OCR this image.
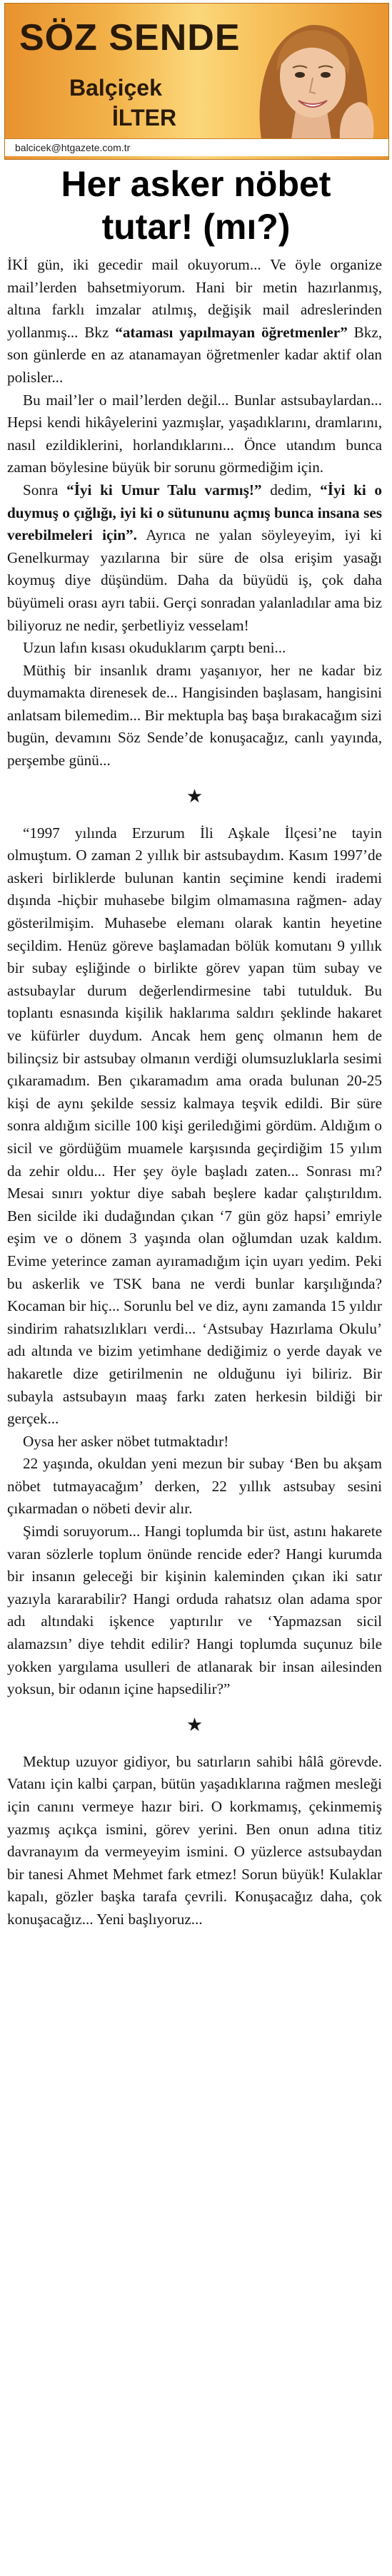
SÖZ SENDE
Balçiçek
İLTER
balcicek@htgazete.com.tr
Her asker nöbet
tutar! (mı?)

İKİ gün, iki gecedir mail okuyorum... Ve öyle organize mail’lerden bahsetmiyorum. Hani bir metin hazırlanmış, altına farklı imzalar atılmış, değişik mail adreslerinden yollanmış... Bkz “ataması yapılmayan öğretmenler” Bkz, son günlerde en az atanamayan öğretmenler kadar aktif olan polisler...

Bu mail’ler o mail’lerden değil... Bunlar astsubaylardan... Hepsi kendi hikâyelerini yazmışlar, yaşadıklarını, dramlarını, nasıl ezildiklerini, horlandıklarını... Önce utandım bunca zaman böylesine büyük bir sorunu görmediğim için.

Sonra “İyi ki Umur Talu varmış!” dedim, “İyi ki o duymuş o çığlığı, iyi ki o sütununu açmış bunca insana ses verebilmeleri için”. Ayrıca ne yalan söyleyeyim, iyi ki Genelkurmay yazılarına bir süre de olsa erişim yasağı koymuş diye düşündüm. Daha da büyüdü iş, çok daha büyümeli orası ayrı tabii. Gerçi sonradan yalanladılar ama biz biliyoruz ne nedir, şerbetliyiz vesselam!

Uzun lafın kısası okuduklarım çarptı beni...

Müthiş bir insanlık dramı yaşanıyor, her ne kadar biz duymamakta direnesek de... Hangisinden başlasam, hangisini anlatsam bilemedim... Bir mektupla baş başa bırakacağım sizi bugün, devamını Söz Sende’de konuşacağız, canlı yayında, perşembe günü...

★

“1997 yılında Erzurum İli Aşkale İlçesi’ne tayin olmuştum. O zaman 2 yıllık bir astsubaydım. Kasım 1997’de askeri birliklerde bulunan kantin seçimine kendi irademi dışında -hiçbir muhasebe bilgim olmamasına rağmen- aday gösterilmişim. Muhasebe elemanı olarak kantin heyetine seçildim. Henüz göreve başlamadan bölük komutanı 9 yıllık bir subay eşliğinde o birlikte görev yapan tüm subay ve astsubaylar durum değerlendirmesine tabi tutulduk. Bu toplantı esnasında kişilik haklarıma saldırı şeklinde hakaret ve küfürler duydum. Ancak hem genç olmanın hem de bilinçsiz bir astsubay olmanın verdiği olumsuzluklarla sesimi çıkaramadım. Ben çıkaramadım ama orada bulunan 20-25 kişi de aynı şekilde sessiz kalmaya teşvik edildi. Bir süre sonra aldığım sicille 100 kişi geriledığimi gördüm. Aldığım o sicil ve gördüğüm muamele karşısında geçirdiğim 15 yılım da zehir oldu... Her şey öyle başladı zaten... Sonrası mı? Mesai sınırı yoktur diye sabah beşlere kadar çalıştırıldım. Ben sicilde iki dudağından çıkan ‘7 gün göz hapsi’ emriyle eşim ve o dönem 3 yaşında olan oğlumdan uzak kaldım. Evime yeterince zaman ayıramadığım için uyarı yedim. Peki bu askerlik ve TSK bana ne verdi bunlar karşılığında? Kocaman bir hiç... Sorunlu bel ve diz, aynı zamanda 15 yıldır sindirim rahatsızlıkları verdi... ‘Astsubay Hazırlama Okulu’ adı altında ve bizim yetimhane dediğimiz o yerde dayak ve hakaretle dize getirilmenin ne olduğunu iyi biliriz. Bir subayla astsubayın maaş farkı zaten herkesin bildiği bir gerçek...

Oysa her asker nöbet tutmaktadır!

22 yaşında, okuldan yeni mezun bir subay ‘Ben bu akşam nöbet tutmayacağım’ derken, 22 yıllık astsubay sesini çıkarmadan o nöbeti devir alır.

Şimdi soruyorum... Hangi toplumda bir üst, astını hakarete varan sözlerle toplum önünde rencide eder? Hangi kurumda bir insanın geleceği bir kişinin kaleminden çıkan iki satır yazıyla kararabilir? Hangi orduda rahatsız olan adama spor adı altındaki işkence yaptırılır ve ‘Yapmazsan sicil alamazsın’ diye tehdit edilir? Hangi toplumda suçunuz bile yokken yargılama usulleri de atlanarak bir insan ailesinden yoksun, bir odanın içine hapsedilir?”

★

Mektup uzuyor gidiyor, bu satırların sahibi hâlâ görevde. Vatanı için kalbi çarpan, bütün yaşadıklarına rağmen mesleği için canını vermeye hazır biri. O korkmamış, çekinmemiş yazmış açıkça ismini, görev yerini. Ben onun adına titiz davranayım da vermeyeyim ismini. O yüzlerce astsubaydan bir tanesi Ahmet Mehmet fark etmez! Sorun büyük! Kulaklar kapalı, gözler başka tarafa çevrili. Konuşacağız daha, çok konuşacağız... Yeni başlıyoruz...
